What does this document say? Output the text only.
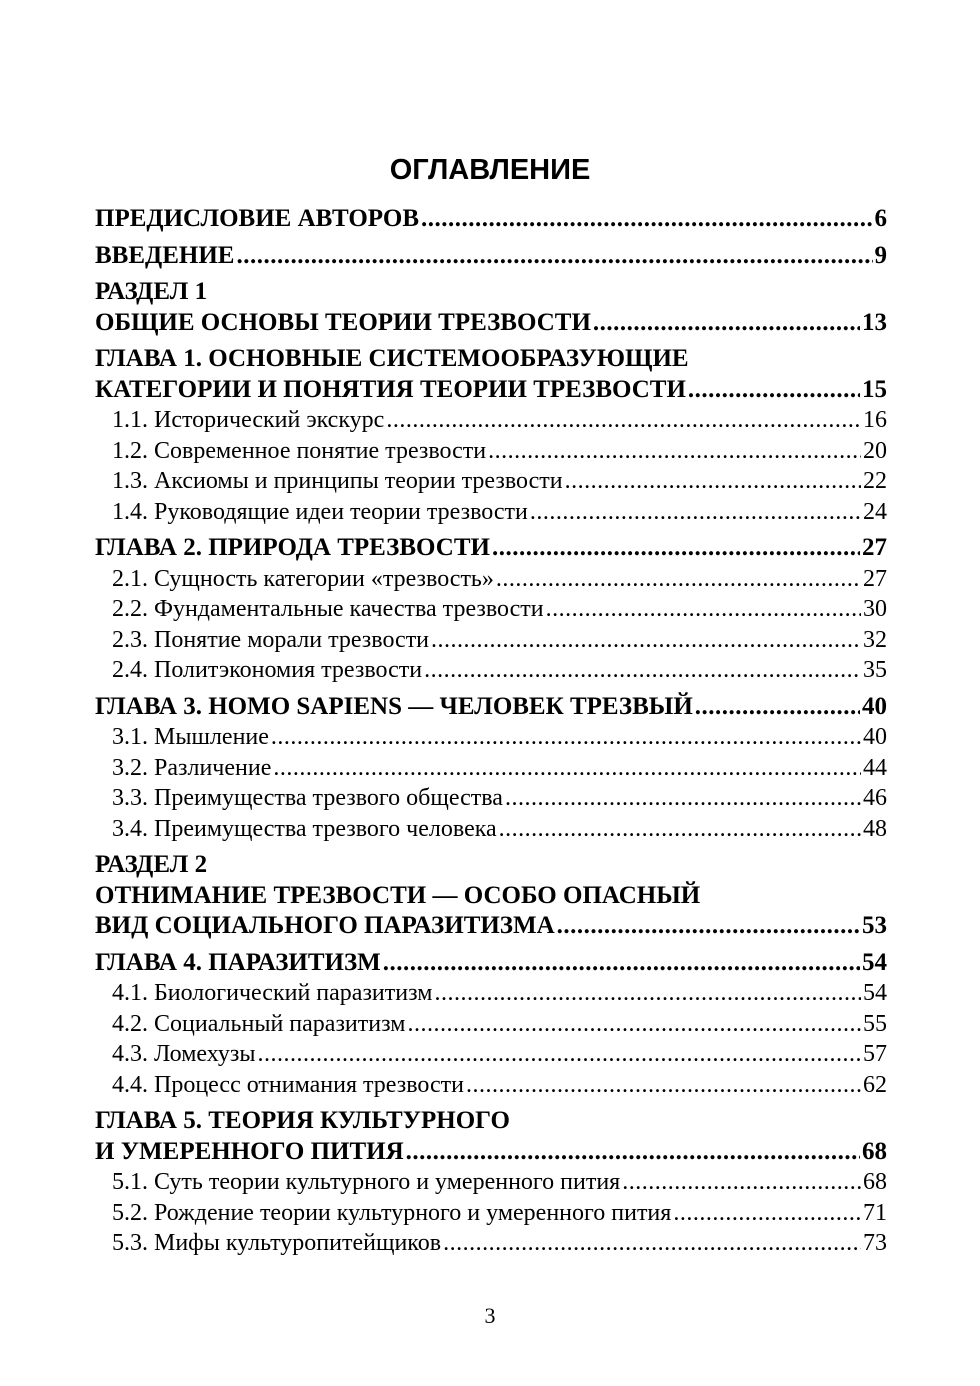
ОГЛАВЛЕНИЕ
ПРЕДИСЛОВИЕ АВТОРОВ .....	6
ВВЕДЕНИЕ .....	9
РАЗДЕЛ 1
ОБЩИЕ ОСНОВЫ ТЕОРИИ ТРЕЗВОСТИ .....	13
ГЛАВА 1. ОСНОВНЫЕ СИСТЕМООБРАЗУЮЩИЕ
КАТЕГОРИИ И ПОНЯТИЯ ТЕОРИИ ТРЕЗВОСТИ .....	15
1.1. Исторический экскурс .....	16
1.2. Современное понятие трезвости .....	20
1.3. Аксиомы и принципы теории трезвости .....	22
1.4. Руководящие идеи теории трезвости .....	24
ГЛАВА 2. ПРИРОДА ТРЕЗВОСТИ .....	27
2.1. Сущность категории «трезвость» .....	27
2.2. Фундаментальные качества трезвости .....	30
2.3. Понятие морали трезвости .....	32
2.4. Политэкономия трезвости .....	35
ГЛАВА 3. HOMO SAPIENS — ЧЕЛОВЕК ТРЕЗВЫЙ .....	40
3.1. Мышление .....	40
3.2. Различение .....	44
3.3. Преимущества трезвого общества .....	46
3.4. Преимущества трезвого человека .....	48
РАЗДЕЛ 2
ОТНИМАНИЕ ТРЕЗВОСТИ — ОСОБО ОПАСНЫЙ
ВИД СОЦИАЛЬНОГО ПАРАЗИТИЗМА .....	53
ГЛАВА 4. ПАРАЗИТИЗМ .....	54
4.1. Биологический паразитизм .....	54
4.2. Социальный паразитизм .....	55
4.3. Ломехузы .....	57
4.4. Процесс отнимания трезвости .....	62
ГЛАВА 5. ТЕОРИЯ КУЛЬТУРНОГО
И УМЕРЕННОГО ПИТИЯ .....	68
5.1. Суть теории культурного и умеренного пития .....	68
5.2. Рождение теории культурного и умеренного пития .....	71
5.3. Мифы культуропитейщиков .....	73
3
